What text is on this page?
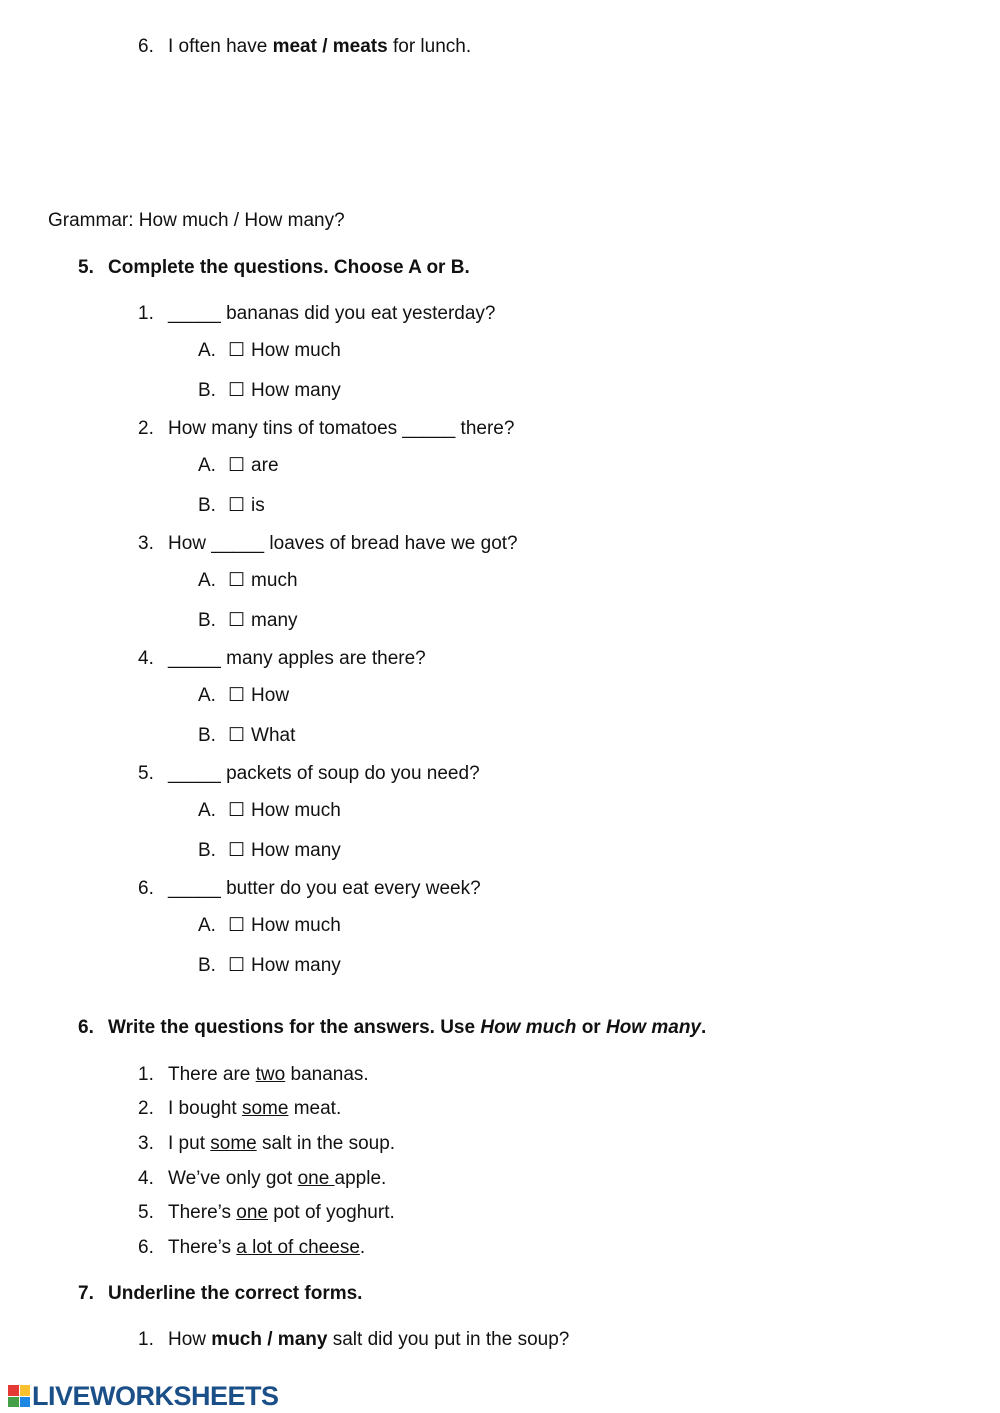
6. I often have meat / meats for lunch.
Grammar: How much / How many?
5. Complete the questions. Choose A or B.
1. _____ bananas did you eat yesterday?
A. ☐ How much
B. ☐ How many
2. How many tins of tomatoes _____ there?
A. ☐ are
B. ☐ is
3. How _____ loaves of bread have we got?
A. ☐ much
B. ☐ many
4. _____ many apples are there?
A. ☐ How
B. ☐ What
5. _____ packets of soup do you need?
A. ☐ How much
B. ☐ How many
6. _____ butter do you eat every week?
A. ☐ How much
B. ☐ How many
6. Write the questions for the answers. Use How much or How many.
1. There are two bananas.
2. I bought some meat.
3. I put some salt in the soup.
4. We’ve only got one apple.
5. There’s one pot of yoghurt.
6. There’s a lot of cheese.
7. Underline the correct forms.
1. How much / many salt did you put in the soup?
LIVEWORKSHEETS
